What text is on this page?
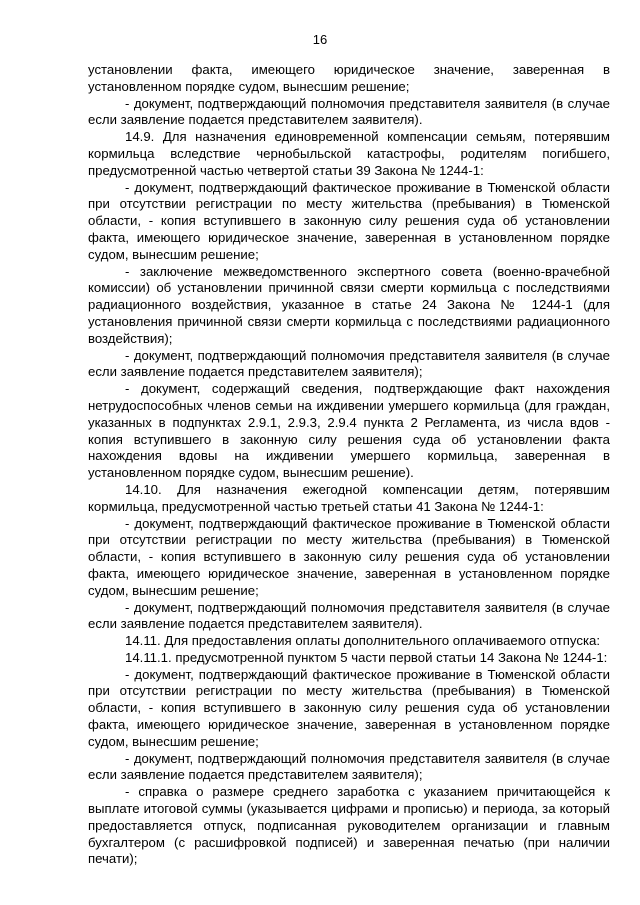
16

установлении факта, имеющего юридическое значение, заверенная в установленном порядке судом, вынесшим решение;

- документ, подтверждающий полномочия представителя заявителя (в случае если заявление подается представителем заявителя).

14.9. Для назначения единовременной компенсации семьям, потерявшим кормильца вследствие чернобыльской катастрофы, родителям погибшего, предусмотренной частью четвертой статьи 39 Закона № 1244-1:

- документ, подтверждающий фактическое проживание в Тюменской области при отсутствии регистрации по месту жительства (пребывания) в Тюменской области, - копия вступившего в законную силу решения суда об установлении факта, имеющего юридическое значение, заверенная в установленном порядке судом, вынесшим решение;

- заключение межведомственного экспертного совета (военно-врачебной комиссии) об установлении причинной связи смерти кормильца с последствиями радиационного воздействия, указанное в статье 24 Закона № 1244-1 (для установления причинной связи смерти кормильца с последствиями радиационного воздействия);

- документ, подтверждающий полномочия представителя заявителя (в случае если заявление подается представителем заявителя);

- документ, содержащий сведения, подтверждающие факт нахождения нетрудоспособных членов семьи на иждивении умершего кормильца (для граждан, указанных в подпунктах 2.9.1, 2.9.3, 2.9.4 пункта 2 Регламента, из числа вдов - копия вступившего в законную силу решения суда об установлении факта нахождения вдовы на иждивении умершего кормильца, заверенная в установленном порядке судом, вынесшим решение).

14.10. Для назначения ежегодной компенсации детям, потерявшим кормильца, предусмотренной частью третьей статьи 41 Закона № 1244-1:

- документ, подтверждающий фактическое проживание в Тюменской области при отсутствии регистрации по месту жительства (пребывания) в Тюменской области, - копия вступившего в законную силу решения суда об установлении факта, имеющего юридическое значение, заверенная в установленном порядке судом, вынесшим решение;

- документ, подтверждающий полномочия представителя заявителя (в случае если заявление подается представителем заявителя).

14.11. Для предоставления оплаты дополнительного оплачиваемого отпуска:

14.11.1. предусмотренной пунктом 5 части первой статьи 14 Закона № 1244-1:

- документ, подтверждающий фактическое проживание в Тюменской области при отсутствии регистрации по месту жительства (пребывания) в Тюменской области, - копия вступившего в законную силу решения суда об установлении факта, имеющего юридическое значение, заверенная в установленном порядке судом, вынесшим решение;

- документ, подтверждающий полномочия представителя заявителя (в случае если заявление подается представителем заявителя);

- справка о размере среднего заработка с указанием причитающейся к выплате итоговой суммы (указывается цифрами и прописью) и периода, за который предоставляется отпуск, подписанная руководителем организации и главным бухгалтером (с расшифровкой подписей) и заверенная печатью (при наличии печати);
